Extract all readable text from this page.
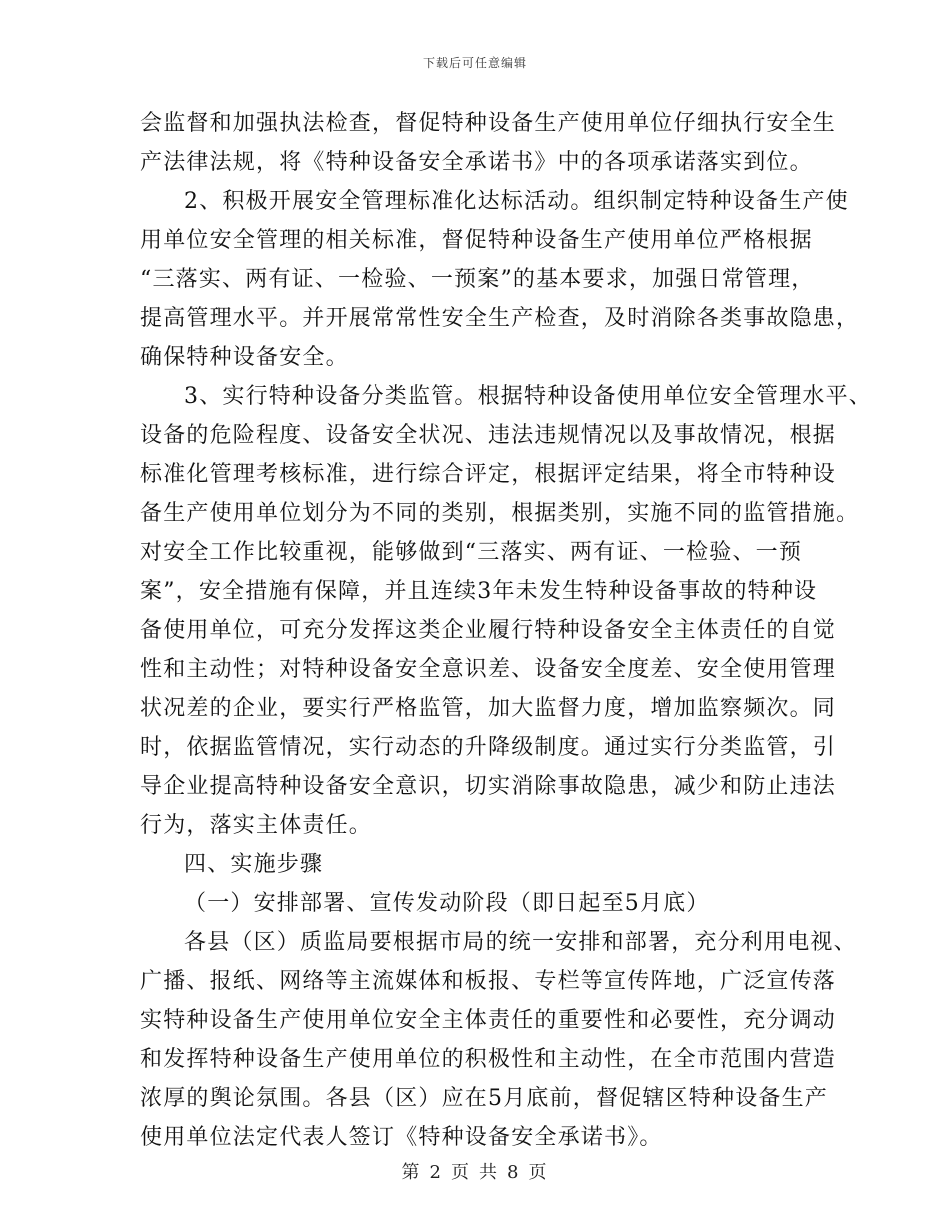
下载后可任意编辑
会监督和加强执法检查，督促特种设备生产使用单位仔细执行安全生
产法律法规，将《特种设备安全承诺书》中的各项承诺落实到位。
2、积极开展安全管理标准化达标活动。组织制定特种设备生产使
用单位安全管理的相关标准，督促特种设备生产使用单位严格根据
“三落实、两有证、一检验、一预案”的基本要求，加强日常管理，
提高管理水平。并开展常常性安全生产检查，及时消除各类事故隐患，
确保特种设备安全。
3、实行特种设备分类监管。根据特种设备使用单位安全管理水平、
设备的危险程度、设备安全状况、违法违规情况以及事故情况，根据
标准化管理考核标准，进行综合评定，根据评定结果，将全市特种设
备生产使用单位划分为不同的类别，根据类别，实施不同的监管措施。
对安全工作比较重视，能够做到“三落实、两有证、一检验、一预
案”，安全措施有保障，并且连续3年未发生特种设备事故的特种设
备使用单位，可充分发挥这类企业履行特种设备安全主体责任的自觉
性和主动性；对特种设备安全意识差、设备安全度差、安全使用管理
状况差的企业，要实行严格监管，加大监督力度，增加监察频次。同
时，依据监管情况，实行动态的升降级制度。通过实行分类监管，引
导企业提高特种设备安全意识，切实消除事故隐患，减少和防止违法
行为，落实主体责任。
四、实施步骤
（一）安排部署、宣传发动阶段（即日起至5月底）
各县（区）质监局要根据市局的统一安排和部署，充分利用电视、
广播、报纸、网络等主流媒体和板报、专栏等宣传阵地，广泛宣传落
实特种设备生产使用单位安全主体责任的重要性和必要性，充分调动
和发挥特种设备生产使用单位的积极性和主动性，在全市范围内营造
浓厚的舆论氛围。各县（区）应在5月底前，督促辖区特种设备生产
使用单位法定代表人签订《特种设备安全承诺书》。
第 2 页 共 8 页
